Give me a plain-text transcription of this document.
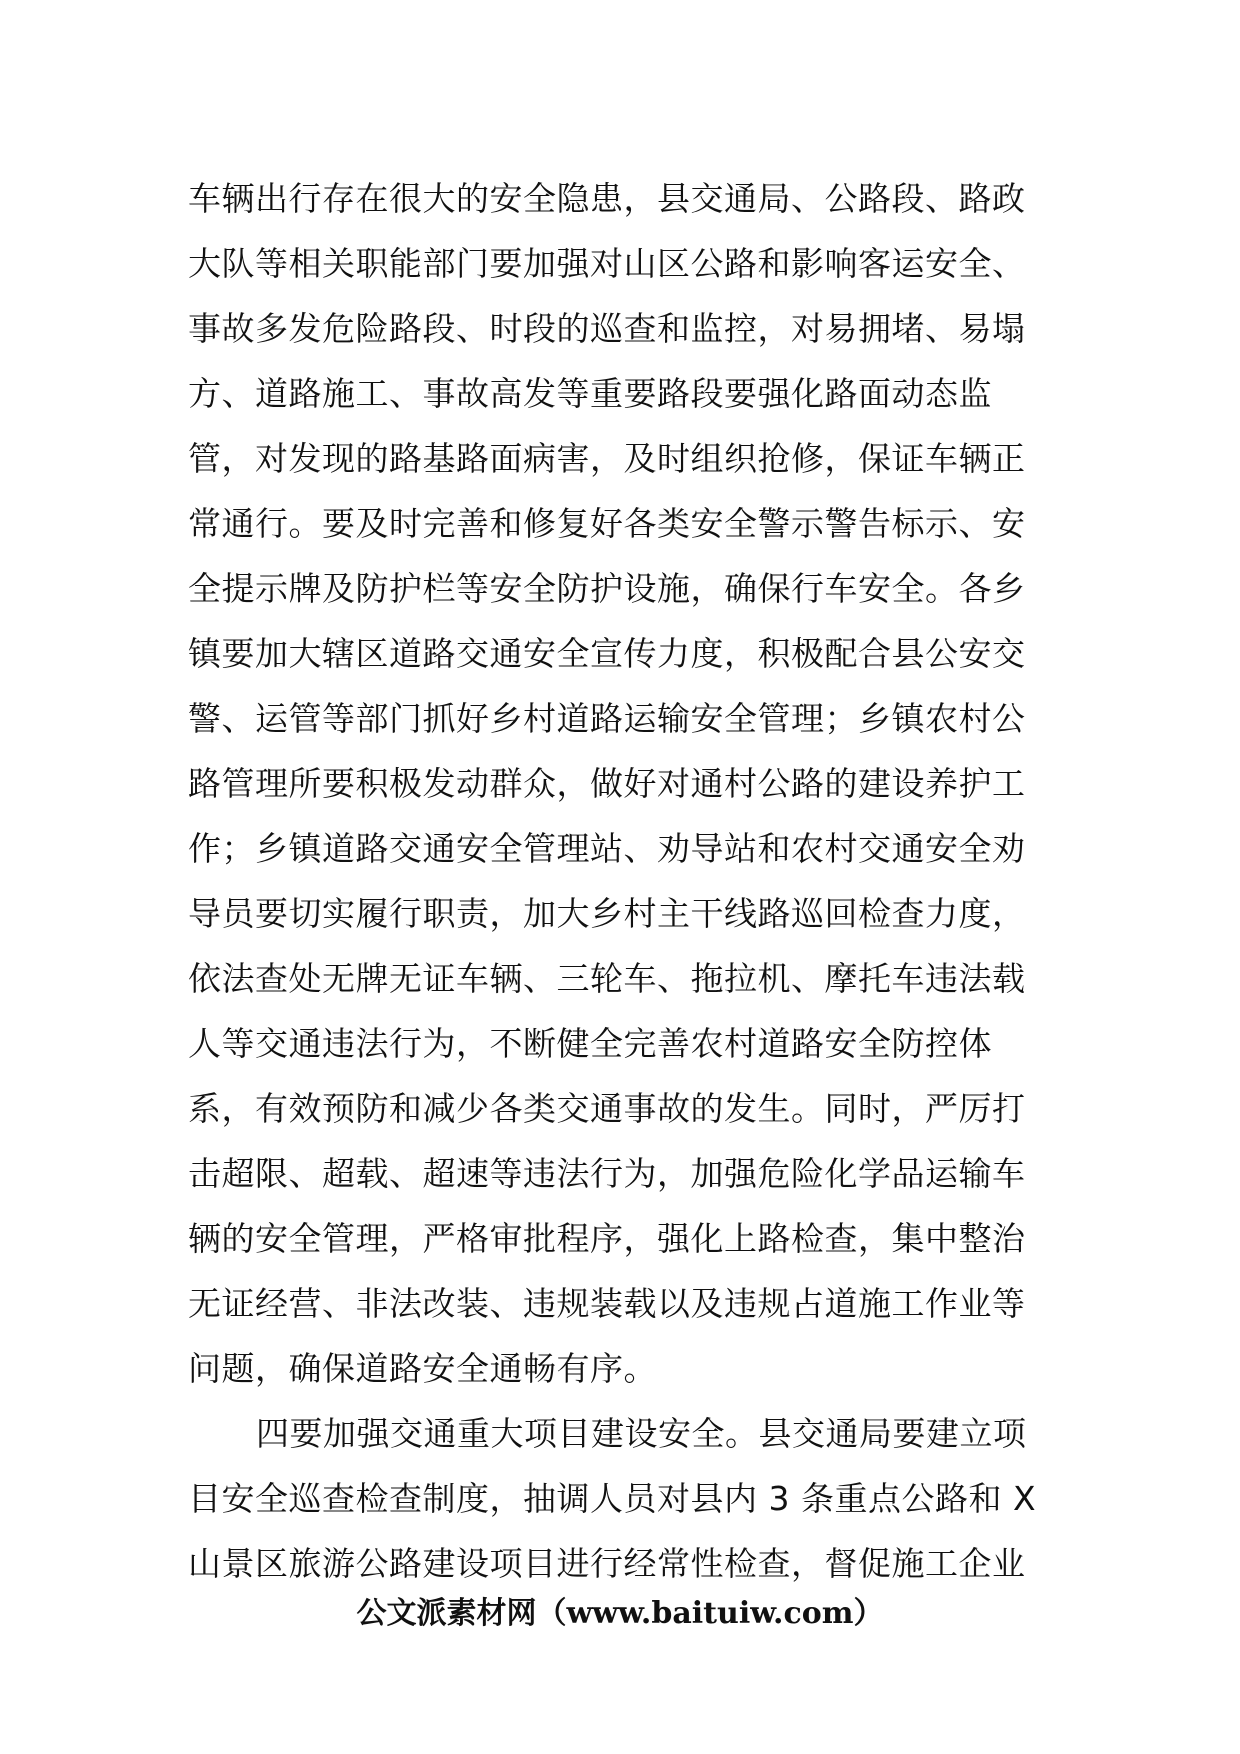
车辆出行存在很大的安全隐患，县交通局、公路段、路政
大队等相关职能部门要加强对山区公路和影响客运安全、
事故多发危险路段、时段的巡查和监控，对易拥堵、易塌
方、道路施工、事故高发等重要路段要强化路面动态监
管，对发现的路基路面病害，及时组织抢修，保证车辆正
常通行。要及时完善和修复好各类安全警示警告标示、安
全提示牌及防护栏等安全防护设施，确保行车安全。各乡
镇要加大辖区道路交通安全宣传力度，积极配合县公安交
警、运管等部门抓好乡村道路运输安全管理；乡镇农村公
路管理所要积极发动群众，做好对通村公路的建设养护工
作；乡镇道路交通安全管理站、劝导站和农村交通安全劝
导员要切实履行职责，加大乡村主干线路巡回检查力度，
依法查处无牌无证车辆、三轮车、拖拉机、摩托车违法载
人等交通违法行为，不断健全完善农村道路安全防控体
系，有效预防和减少各类交通事故的发生。同时，严厉打
击超限、超载、超速等违法行为，加强危险化学品运输车
辆的安全管理，严格审批程序，强化上路检查，集中整治
无证经营、非法改装、违规装载以及违规占道施工作业等
问题，确保道路安全通畅有序。
四要加强交通重大项目建设安全。县交通局要建立项
目安全巡查检查制度，抽调人员对县内 3 条重点公路和 X
山景区旅游公路建设项目进行经常性检查，督促施工企业
公文派素材网（www.baituiw.com）
